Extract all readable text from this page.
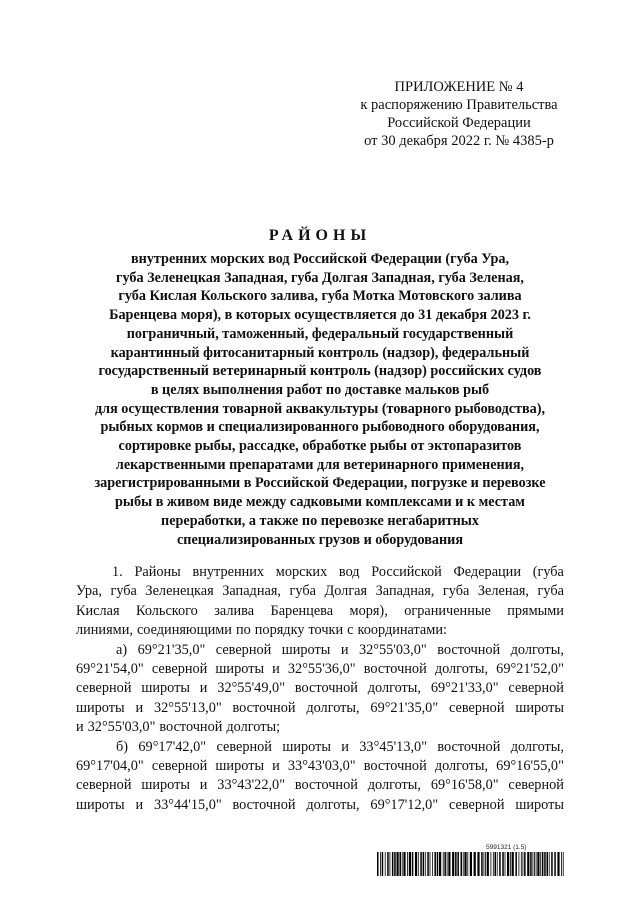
ПРИЛОЖЕНИЕ № 4
к распоряжению Правительства
Российской Федерации
от 30 декабря 2022 г. № 4385-р
РАЙОНЫ
внутренних морских вод Российской Федерации (губа Ура,
губа Зеленецкая Западная, губа Долгая Западная, губа Зеленая,
губа Кислая Кольского залива, губа Мотка Мотовского залива
Баренцева моря), в которых осуществляется до 31 декабря 2023 г.
пограничный, таможенный, федеральный государственный
карантинный фитосанитарный контроль (надзор), федеральный
государственный ветеринарный контроль (надзор) российских судов
в целях выполнения работ по доставке мальков рыб
для осуществления товарной аквакультуры (товарного рыбоводства),
рыбных кормов и специализированного рыбоводного оборудования,
сортировке рыбы, рассадке, обработке рыбы от эктопаразитов
лекарственными препаратами для ветеринарного применения,
зарегистрированными в Российской Федерации, погрузке и перевозке
рыбы в живом виде между садковыми комплексами и к местам
переработки, а также по перевозке негабаритных
специализированных грузов и оборудования
1. Районы внутренних морских вод Российской Федерации (губа
Ура, губа Зеленецкая Западная, губа Долгая Западная, губа Зеленая, губа
Кислая Кольского залива Баренцева моря), ограниченные прямыми
линиями, соединяющими по порядку точки с координатами:
а) 69°21'35,0" северной широты и 32°55'03,0" восточной долготы,
69°21'54,0" северной широты и 32°55'36,0" восточной долготы, 69°21'52,0"
северной широты и 32°55'49,0" восточной долготы, 69°21'33,0" северной
широты и 32°55'13,0" восточной долготы, 69°21'35,0" северной широты
и 32°55'03,0" восточной долготы;
б) 69°17'42,0" северной широты и 33°45'13,0" восточной долготы,
69°17'04,0" северной широты и 33°43'03,0" восточной долготы, 69°16'55,0"
северной широты и 33°43'22,0" восточной долготы, 69°16'58,0" северной
широты и 33°44'15,0" восточной долготы, 69°17'12,0" северной широты
5991321 (1.5)
